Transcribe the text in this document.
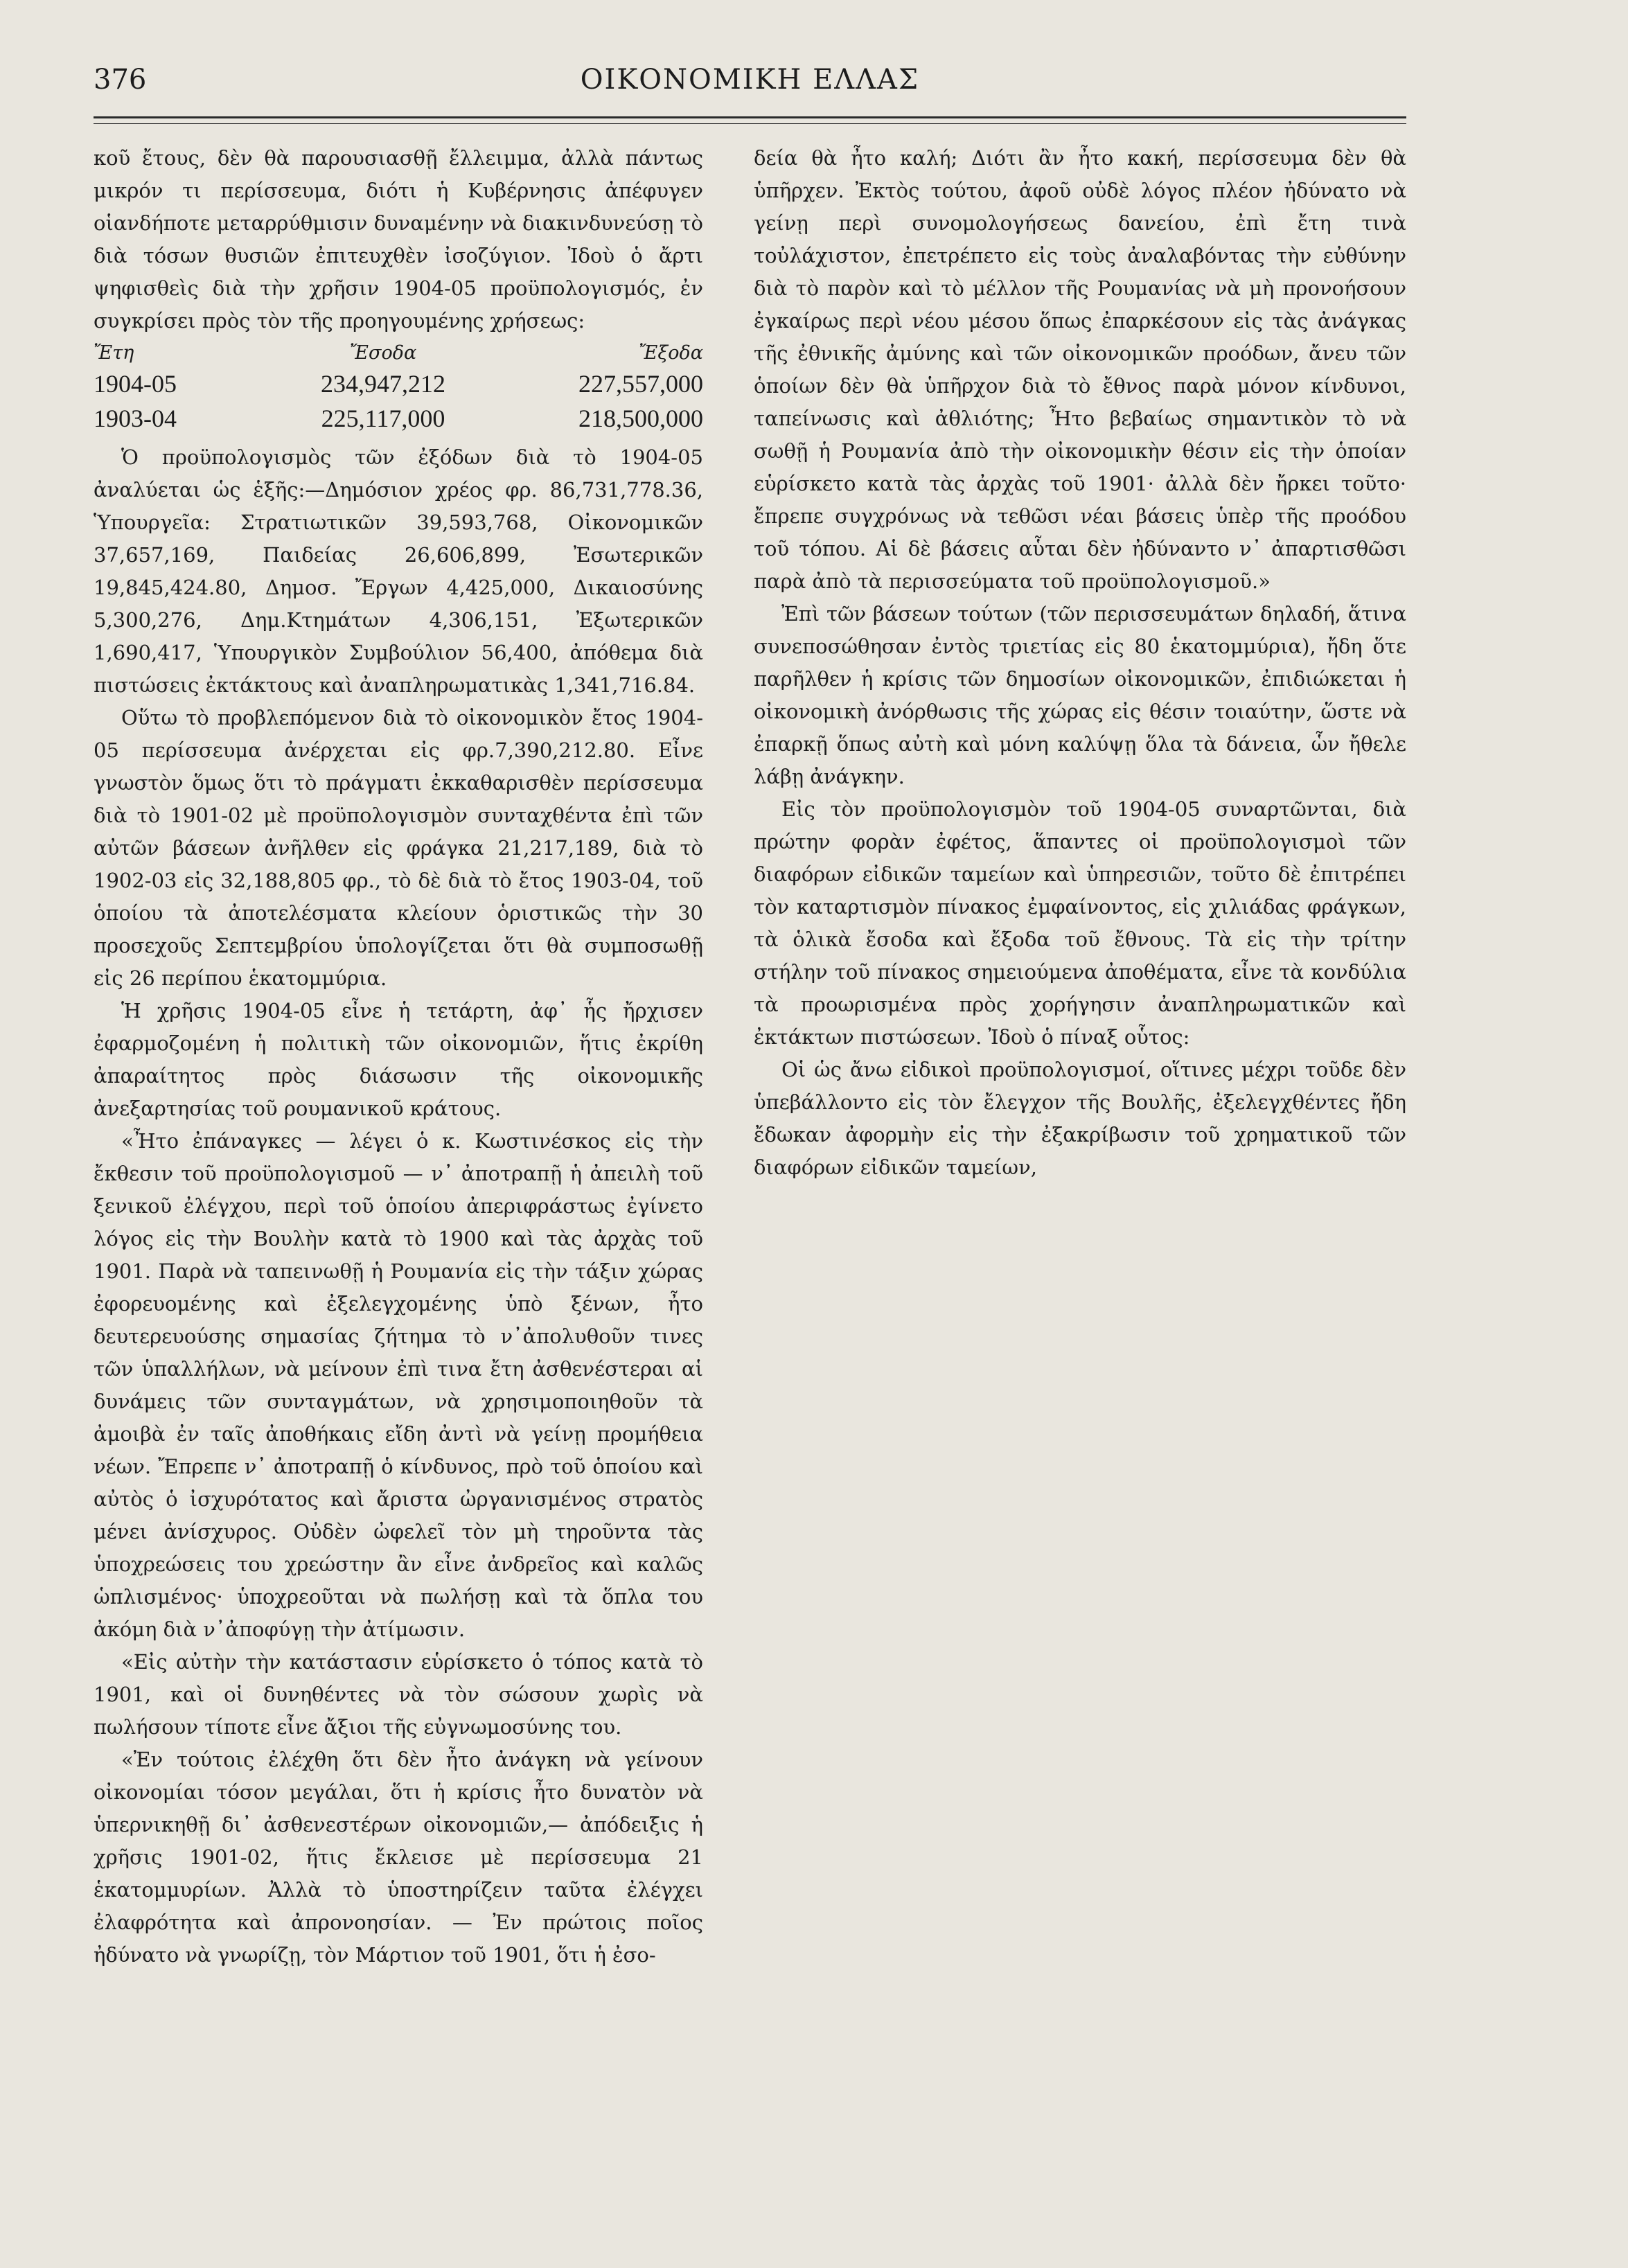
376	ΟΙΚΟΝΟΜΙΚΗ ΕΛΛΑΣ

κοῦ ἔτους, δὲν θὰ παρουσιασθῇ ἔλλειμμα, ἀλλὰ πάντως μικρόν τι περίσσευμα, διότι ἡ Κυβέρνησις ἀπέφυγεν οἱανδήποτε μεταρρύθμισιν δυναμένην νὰ διακινδυνεύσῃ τὸ διὰ τόσων θυσιῶν ἐπιτευχθὲν ἰσοζύγιον. Ἰδοὺ ὁ ἄρτι ψηφισθεὶς διὰ τὴν χρῆσιν 1904-05 προϋπολογισμός, ἐν συγκρίσει πρὸς τὸν τῆς προηγουμένης χρήσεως:

Ἔτη	Ἔσοδα	Ἔξοδα
1904-05	234,947,212	227,557,000
1903-04	225,117,000	218,500,000

Ὁ προϋπολογισμὸς τῶν ἐξόδων διὰ τὸ 1904-05 ἀναλύεται ὡς ἑξῆς:—Δημόσιον χρέος φρ. 86,731,778.36, Ὑπουργεῖα: Στρατιωτικῶν 39,593,768, Οἰκονομικῶν 37,657,169, Παιδείας 26,606,899, Ἐσωτερικῶν 19,845,424.80, Δημοσ. Ἔργων 4,425,000, Δικαιοσύνης 5,300,276, Δημ.Κτημάτων 4,306,151, Ἐξωτερικῶν 1,690,417, Ὑπουργικὸν Συμβούλιον 56,400, ἀπόθεμα διὰ πιστώσεις ἐκτάκτους καὶ ἀναπληρωματικὰς 1,341,716.84.

Οὕτω τὸ προβλεπόμενον διὰ τὸ οἰκονομικὸν ἔτος 1904-05 περίσσευμα ἀνέρχεται εἰς φρ.7,390,212.80. Εἶνε γνωστὸν ὅμως ὅτι τὸ πράγματι ἐκκαθαρισθὲν περίσσευμα διὰ τὸ 1901-02 μὲ προϋπολογισμὸν συνταχθέντα ἐπὶ τῶν αὐτῶν βάσεων ἀνῆλθεν εἰς φράγκα 21,217,189, διὰ τὸ 1902-03 εἰς 32,188,805 φρ., τὸ δὲ διὰ τὸ ἔτος 1903-04, τοῦ ὁποίου τὰ ἀποτελέσματα κλείουν ὁριστικῶς τὴν 30 προσεχοῦς Σεπτεμβρίου ὑπολογίζεται ὅτι θὰ συμποσωθῇ εἰς 26 περίπου ἑκατομμύρια.

Ἡ χρῆσις 1904-05 εἶνε ἡ τετάρτη, ἀφ᾽ ἧς ἤρχισεν ἐφαρμοζομένη ἡ πολιτικὴ τῶν οἰκονομιῶν, ἥτις ἐκρίθη ἀπαραίτητος πρὸς διάσωσιν τῆς οἰκονομικῆς ἀνεξαρτησίας τοῦ ρουμανικοῦ κράτους.

«Ἦτο ἐπάναγκες — λέγει ὁ κ. Κωστινέσκος εἰς τὴν ἔκθεσιν τοῦ προϋπολογισμοῦ — ν᾽ ἀποτραπῇ ἡ ἀπειλὴ τοῦ ξενικοῦ ἐλέγχου, περὶ τοῦ ὁποίου ἀπεριφράστως ἐγίνετο λόγος εἰς τὴν Βουλὴν κατὰ τὸ 1900 καὶ τὰς ἀρχὰς τοῦ 1901. Παρὰ νὰ ταπεινωθῇ ἡ Ρουμανία εἰς τὴν τάξιν χώρας ἐφορευομένης καὶ ἐξελεγχομένης ὑπὸ ξένων, ἦτο δευτερευούσης σημασίας ζήτημα τὸ ν᾽ἀπολυθοῦν τινες τῶν ὑπαλλήλων, νὰ μείνουν ἐπὶ τινα ἔτη ἀσθενέστεραι αἱ δυνάμεις τῶν συνταγμάτων, νὰ χρησιμοποιηθοῦν τὰ ἀμοιβὰ ἐν ταῖς ἀποθήκαις εἴδη ἀντὶ νὰ γείνῃ προμήθεια νέων. Ἔπρεπε ν᾽ ἀποτραπῇ ὁ κίνδυνος, πρὸ τοῦ ὁποίου καὶ αὐτὸς ὁ ἰσχυρότατος καὶ ἄριστα ὠργανισμένος στρατὸς μένει ἀνίσχυρος. Οὐδὲν ὠφελεῖ τὸν μὴ τηροῦντα τὰς ὑποχρεώσεις του χρεώστην ἂν εἶνε ἀνδρεῖος καὶ καλῶς ὡπλισμένος· ὑποχρεοῦται νὰ πωλήσῃ καὶ τὰ ὅπλα του ἀκόμη διὰ ν᾽ἀποφύγῃ τὴν ἀτίμωσιν.

«Εἰς αὐτὴν τὴν κατάστασιν εὑρίσκετο ὁ τόπος κατὰ τὸ 1901, καὶ οἱ δυνηθέντες νὰ τὸν σώσουν χωρὶς νὰ πωλήσουν τίποτε εἶνε ἄξιοι τῆς εὐγνωμοσύνης του.

«Ἐν τούτοις ἐλέχθη ὅτι δὲν ἦτο ἀνάγκη νὰ γείνουν οἰκονομίαι τόσον μεγάλαι, ὅτι ἡ κρίσις ἦτο δυνατὸν νὰ ὑπερνικηθῇ δι᾽ ἀσθενεστέρων οἰκονομιῶν,— ἀπόδειξις ἡ χρῆσις 1901-02, ἥτις ἔκλεισε μὲ περίσσευμα 21 ἑκατομμυρίων. Ἀλλὰ τὸ ὑποστηρίζειν ταῦτα ἐλέγχει ἐλαφρότητα καὶ ἀπρονοησίαν. — Ἐν πρώτοις ποῖος ἠδύνατο νὰ γνωρίζῃ, τὸν Μάρτιον τοῦ 1901, ὅτι ἡ ἐσο-

δεία θὰ ἦτο καλή; Διότι ἂν ἦτο κακή, περίσσευμα δὲν θὰ ὑπῆρχεν. Ἐκτὸς τούτου, ἀφοῦ οὐδὲ λόγος πλέον ἠδύνατο νὰ γείνῃ περὶ συνομολογήσεως δανείου, ἐπὶ ἔτη τινὰ τοὐλάχιστον, ἐπετρέπετο εἰς τοὺς ἀναλαβόντας τὴν εὐθύνην διὰ τὸ παρὸν καὶ τὸ μέλλον τῆς Ρουμανίας νὰ μὴ προνοήσουν ἐγκαίρως περὶ νέου μέσου ὅπως ἐπαρκέσουν εἰς τὰς ἀνάγκας τῆς ἐθνικῆς ἀμύνης καὶ τῶν οἰκονομικῶν προόδων, ἄνευ τῶν ὁποίων δὲν θὰ ὑπῆρχον διὰ τὸ ἔθνος παρὰ μόνον κίνδυνοι, ταπείνωσις καὶ ἀθλιότης; Ἦτο βεβαίως σημαντικὸν τὸ νὰ σωθῇ ἡ Ρουμανία ἀπὸ τὴν οἰκονομικὴν θέσιν εἰς τὴν ὁποίαν εὑρίσκετο κατὰ τὰς ἀρχὰς τοῦ 1901· ἀλλὰ δὲν ἤρκει τοῦτο· ἔπρεπε συγχρόνως νὰ τεθῶσι νέαι βάσεις ὑπὲρ τῆς προόδου τοῦ τόπου. Αἱ δὲ βάσεις αὗται δὲν ἠδύναντο ν᾽ ἀπαρτισθῶσι παρὰ ἀπὸ τὰ περισσεύματα τοῦ προϋπολογισμοῦ.»

Ἐπὶ τῶν βάσεων τούτων (τῶν περισσευμάτων δηλαδή, ἅτινα συνεποσώθησαν ἐντὸς τριετίας εἰς 80 ἑκατομμύρια), ἤδη ὅτε παρῆλθεν ἡ κρίσις τῶν δημοσίων οἰκονομικῶν, ἐπιδιώκεται ἡ οἰκονομικὴ ἀνόρθωσις τῆς χώρας εἰς θέσιν τοιαύτην, ὥστε νὰ ἐπαρκῇ ὅπως αὐτὴ καὶ μόνη καλύψῃ ὅλα τὰ δάνεια, ὧν ἤθελε λάβῃ ἀνάγκην.

Εἰς τὸν προϋπολογισμὸν τοῦ 1904-05 συναρτῶνται, διὰ πρώτην φορὰν ἐφέτος, ἅπαντες οἱ προϋπολογισμοὶ τῶν διαφόρων εἰδικῶν ταμείων καὶ ὑπηρεσιῶν, τοῦτο δὲ ἐπιτρέπει τὸν καταρτισμὸν πίνακος ἐμφαίνοντος, εἰς χιλιάδας φράγκων, τὰ ὁλικὰ ἔσοδα καὶ ἔξοδα τοῦ ἔθνους. Τὰ εἰς τὴν τρίτην στήλην τοῦ πίνακος σημειούμενα ἀποθέματα, εἶνε τὰ κονδύλια τὰ προωρισμένα πρὸς χορήγησιν ἀναπληρωματικῶν καὶ ἐκτάκτων πιστώσεων. Ἰδοὺ ὁ πίναξ οὗτος:

Οἱ ὡς ἄνω εἰδικοὶ προϋπολογισμοί, οἵτινες μέχρι τοῦδε δὲν ὑπεβάλλοντο εἰς τὸν ἔλεγχον τῆς Βουλῆς, ἐξελεγχθέντες ἤδη ἔδωκαν ἀφορμὴν εἰς τὴν ἐξακρίβωσιν τοῦ χρηματικοῦ τῶν διαφόρων εἰδικῶν ταμείων,
